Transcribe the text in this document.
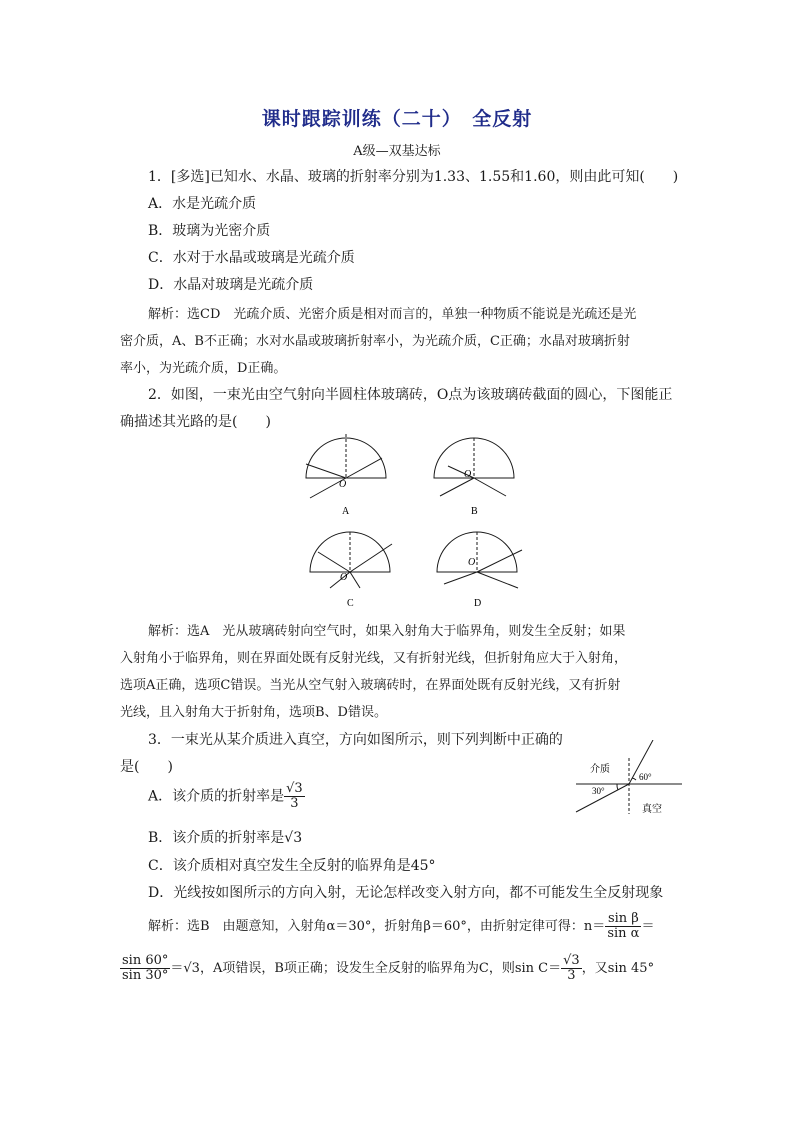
课时跟踪训练（二十）　全反射
A级—双基达标
1．[多选]已知水、水晶、玻璃的折射率分别为1.33、1.55和1.60，则由此可知(　　)
A．水是光疏介质
B．玻璃为光密介质
C．水对于水晶或玻璃是光疏介质
D．水晶对玻璃是光疏介质
解析：选CD　光疏介质、光密介质是相对而言的，单独一种物质不能说是光疏还是光
密介质，A、B不正确；水对水晶或玻璃折射率小，为光疏介质，C正确；水晶对玻璃折射
率小，为光疏介质，D正确。
2．如图，一束光由空气射向半圆柱体玻璃砖，O点为该玻璃砖截面的圆心，下图能正
确描述其光路的是(　　)
O
A
O
B
O
C
O
D
解析：选A　光从玻璃砖射向空气时，如果入射角大于临界角，则发生全反射；如果
入射角小于临界角，则在界面处既有反射光线，又有折射光线，但折射角应大于入射角，
选项A正确，选项C错误。当光从空气射入玻璃砖时，在界面处既有反射光线，又有折射
光线，且入射角大于折射角，选项B、D错误。
3．一束光从某介质进入真空，方向如图所示，则下列判断中正确的
是(　　)	介质
真空
60°
30°
A．该介质的折射率是 $\frac{√3}{3}$
B．该介质的折射率是√3
C．该介质相对真空发生全反射的临界角是45°
D．光线按如图所示的方向入射，无论怎样改变入射方向，都不可能发生全反射现象
解析：选B　由题意知，入射角α＝30°，折射角β＝60°，由折射定律可得：$n= \frac{\text{sin β}}{\text{sin α}}$ ＝
$\frac{\sin 60^\circ}{\sin 30^\circ} =√3$，A项错误，B项正确；设发生全反射的临界角为C，则$\sin C= \frac{√3}{3}$ ，又sin 45°
